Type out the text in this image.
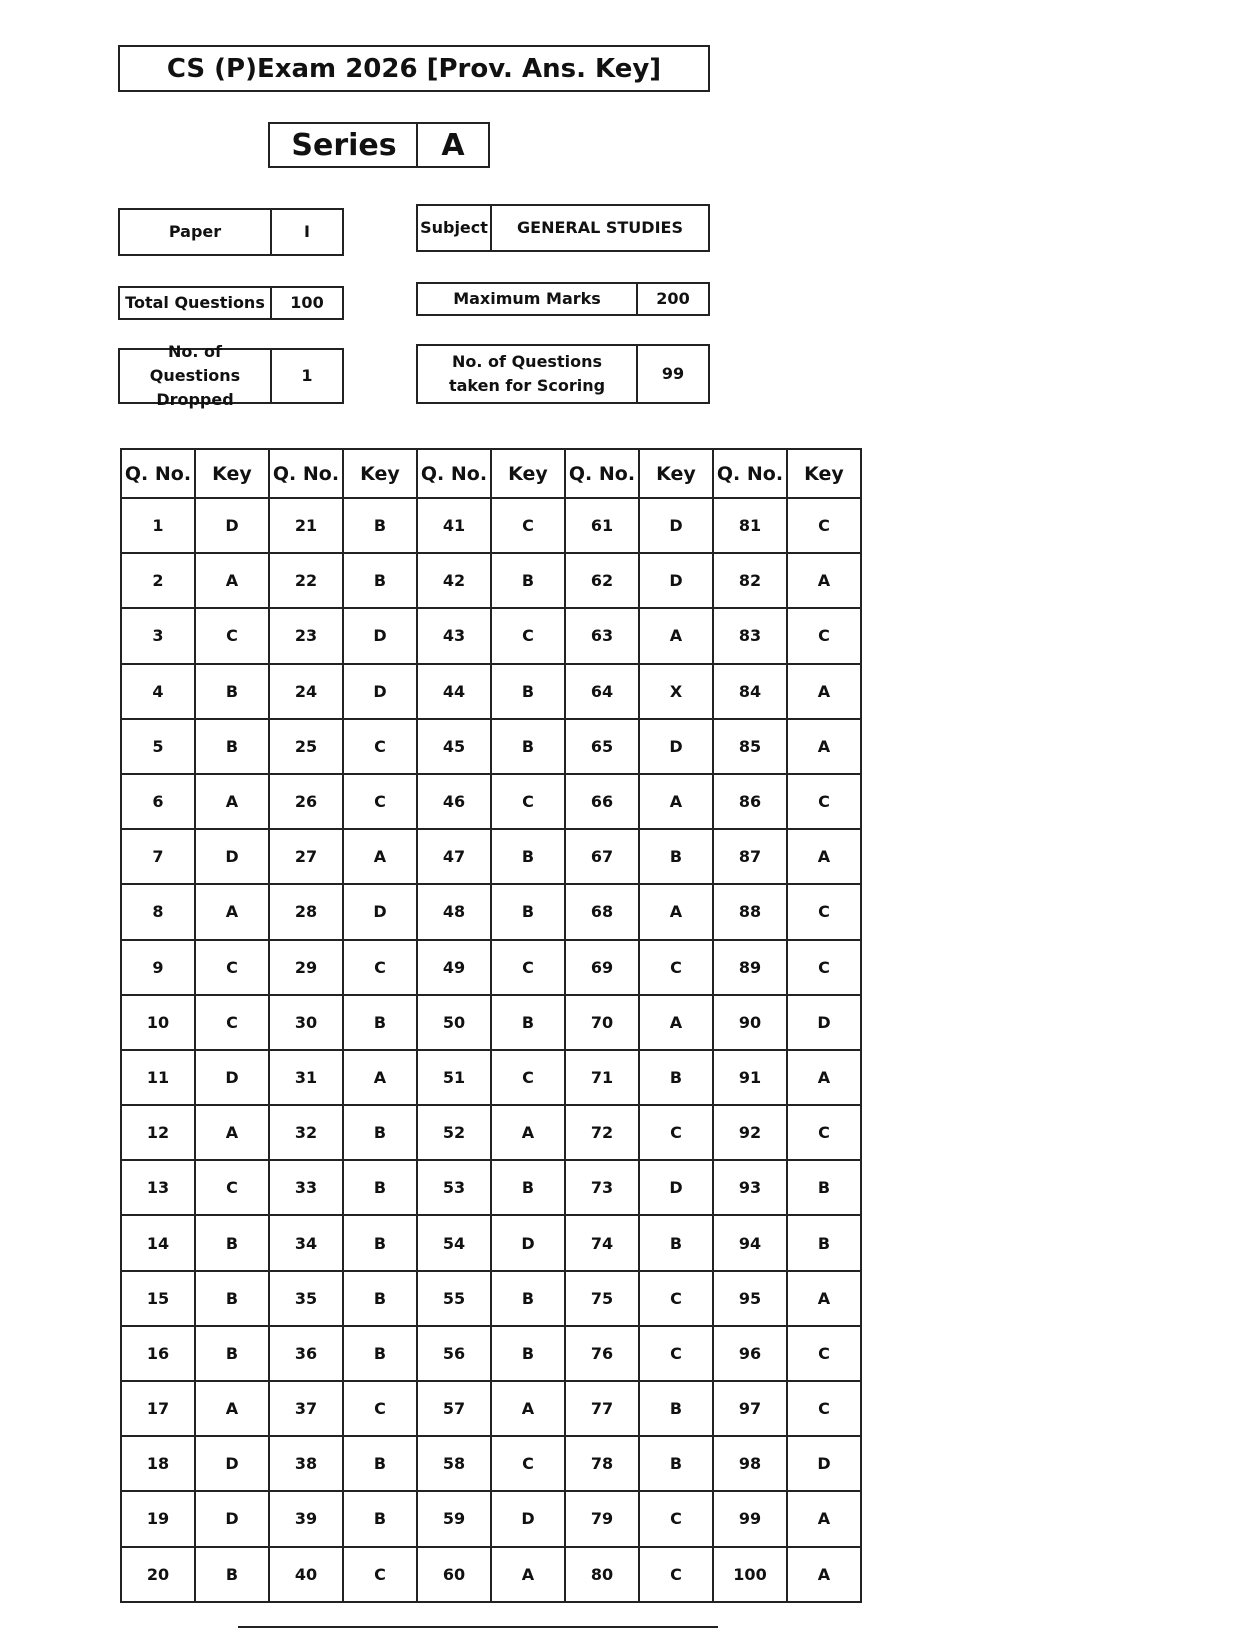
CS (P)Exam 2026 [Prov. Ans. Key]
Series	A
Paper	I	Subject	GENERAL STUDIES
Total Questions	100	Maximum Marks	200
No. of Questions Dropped
1
No. of Questions taken for Scoring
99
Q. No.	Key	Q. No.	Key	Q. No.	Key	Q. No.	Key	Q. No.	Key
1	D	21	B	41	C	61	D	81	C
2	A	22	B	42	B	62	D	82	A
3	C	23	D	43	C	63	A	83	C
4	B	24	D	44	B	64	X	84	A
5	B	25	C	45	B	65	D	85	A
6	A	26	C	46	C	66	A	86	C
7	D	27	A	47	B	67	B	87	A
8	A	28	D	48	B	68	A	88	C
9	C	29	C	49	C	69	C	89	C
10	C	30	B	50	B	70	A	90	D
11	D	31	A	51	C	71	B	91	A
12	A	32	B	52	A	72	C	92	C
13	C	33	B	53	B	73	D	93	B
14	B	34	B	54	D	74	B	94	B
15	B	35	B	55	B	75	C	95	A
16	B	36	B	56	B	76	C	96	C
17	A	37	C	57	A	77	B	97	C
18	D	38	B	58	C	78	B	98	D
19	D	39	B	59	D	79	C	99	A
20	B	40	C	60	A	80	C	100	A
